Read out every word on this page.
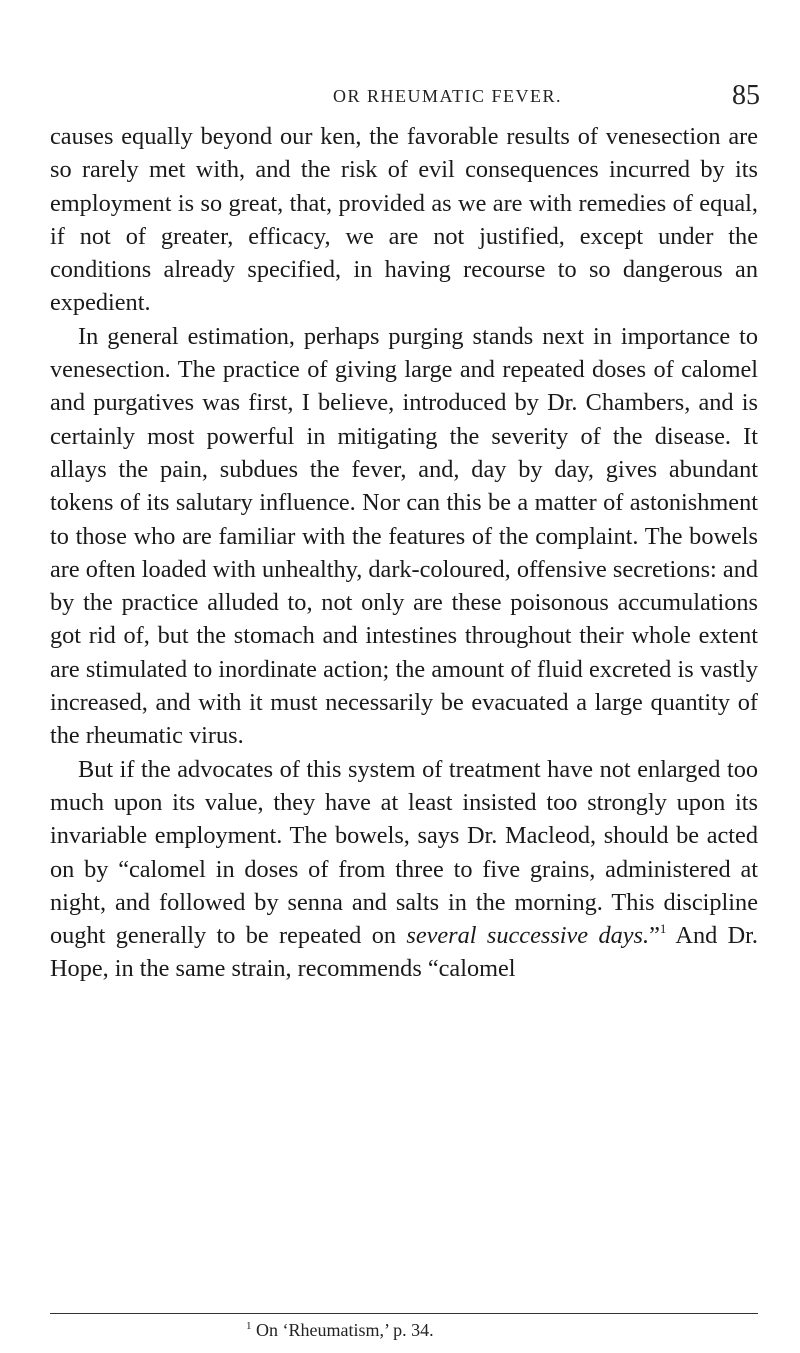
OR RHEUMATIC FEVER.	85

causes equally beyond our ken, the favorable results of venesection are so rarely met with, and the risk of evil consequences incurred by its employment is so great, that, provided as we are with remedies of equal, if not of greater, efficacy, we are not justified, except under the conditions already specified, in having recourse to so dangerous an expedient.

In general estimation, perhaps purging stands next in importance to venesection. The practice of giving large and repeated doses of calomel and purgatives was first, I believe, introduced by Dr. Chambers, and is certainly most powerful in mitigating the severity of the disease. It allays the pain, subdues the fever, and, day by day, gives abundant tokens of its salutary influence. Nor can this be a matter of astonishment to those who are familiar with the features of the complaint. The bowels are often loaded with unhealthy, dark-coloured, offensive secretions: and by the practice alluded to, not only are these poisonous accumulations got rid of, but the stomach and intestines throughout their whole extent are stimulated to inordinate action; the amount of fluid excreted is vastly increased, and with it must necessarily be evacuated a large quantity of the rheumatic virus.

But if the advocates of this system of treatment have not enlarged too much upon its value, they have at least insisted too strongly upon its invariable employment. The bowels, says Dr. Macleod, should be acted on by “calomel in doses of from three to five grains, administered at night, and followed by senna and salts in the morning. This discipline ought generally to be repeated on several successive days.”$^1$ And Dr. Hope, in the same strain, recommends “calomel

$^1$ On ‘Rheumatism,’ p. 34.
